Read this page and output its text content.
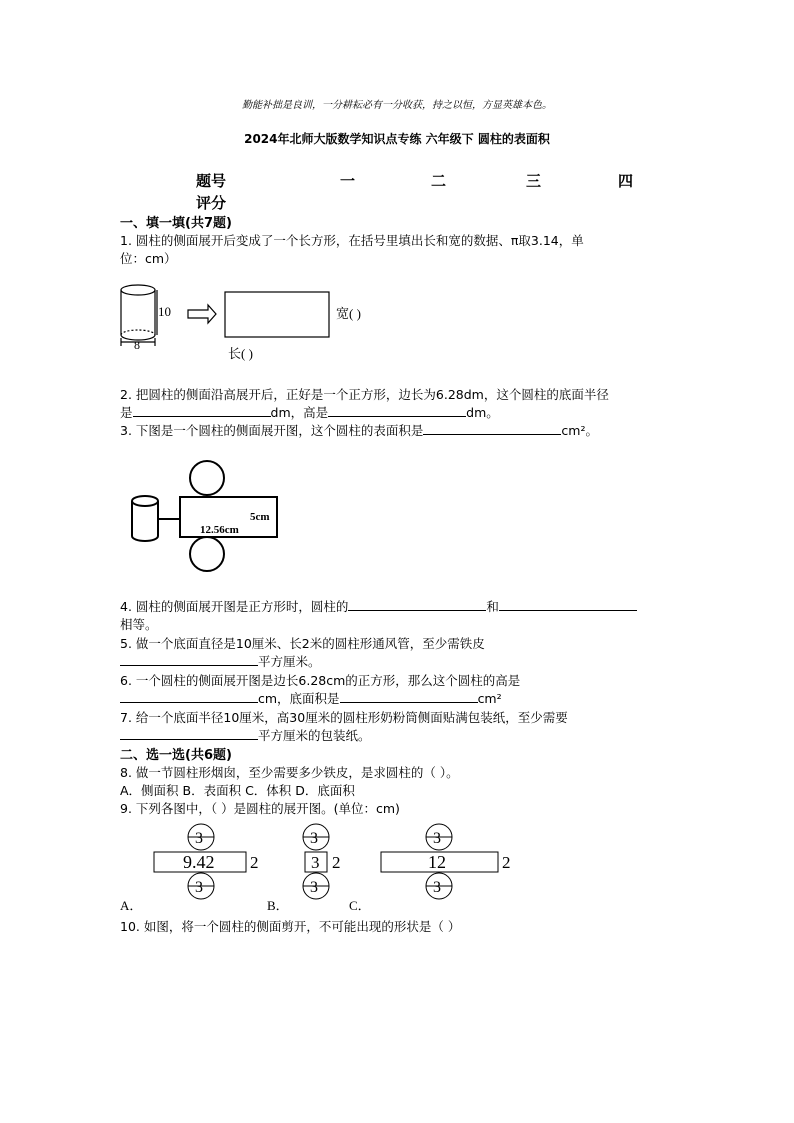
勤能补拙是良训，一分耕耘必有一分收获，持之以恒，方显英雄本色。
2024年北师大版数学知识点专练 六年级下 圆柱的表面积
题号	一	二	三	四
评分
一、填一填(共7题)
1. 圆柱的侧面展开后变成了一个长方形，在括号里填出长和宽的数据、π取3.14，单
位：cm）
10
8
宽( )
长( )
2. 把圆柱的侧面沿高展开后，正好是一个正方形，边长为6.28dm，这个圆柱的底面半径
是	dm，高是	dm。
3. 下图是一个圆柱的侧面展开图，这个圆柱的表面积是	cm²。
5cm
12.56cm
4. 圆柱的侧面展开图是正方形时，圆柱的	和
相等。
5. 做一个底面直径是10厘米、长2米的圆柱形通风管，至少需铁皮
平方厘米。
6. 一个圆柱的侧面展开图是边长6.28cm的正方形，那么这个圆柱的高是
cm，底面积是	cm²
7. 给一个底面半径10厘米，高30厘米的圆柱形奶粉筒侧面贴满包装纸，至少需要
平方厘米的包装纸。
二、选一选(共6题)
8. 做一节圆柱形烟囱，至少需要多少铁皮，是求圆柱的（ ）。
A．侧面积 B．表面积 C．体积 D．底面积
9. 下列各图中，（ ）是圆柱的展开图。(单位：cm)
3
9.42 2
3
3
3 2
3
3
12	2
3
A．	B．	C．
10. 如图，将一个圆柱的侧面剪开，不可能出现的形状是（ ）
